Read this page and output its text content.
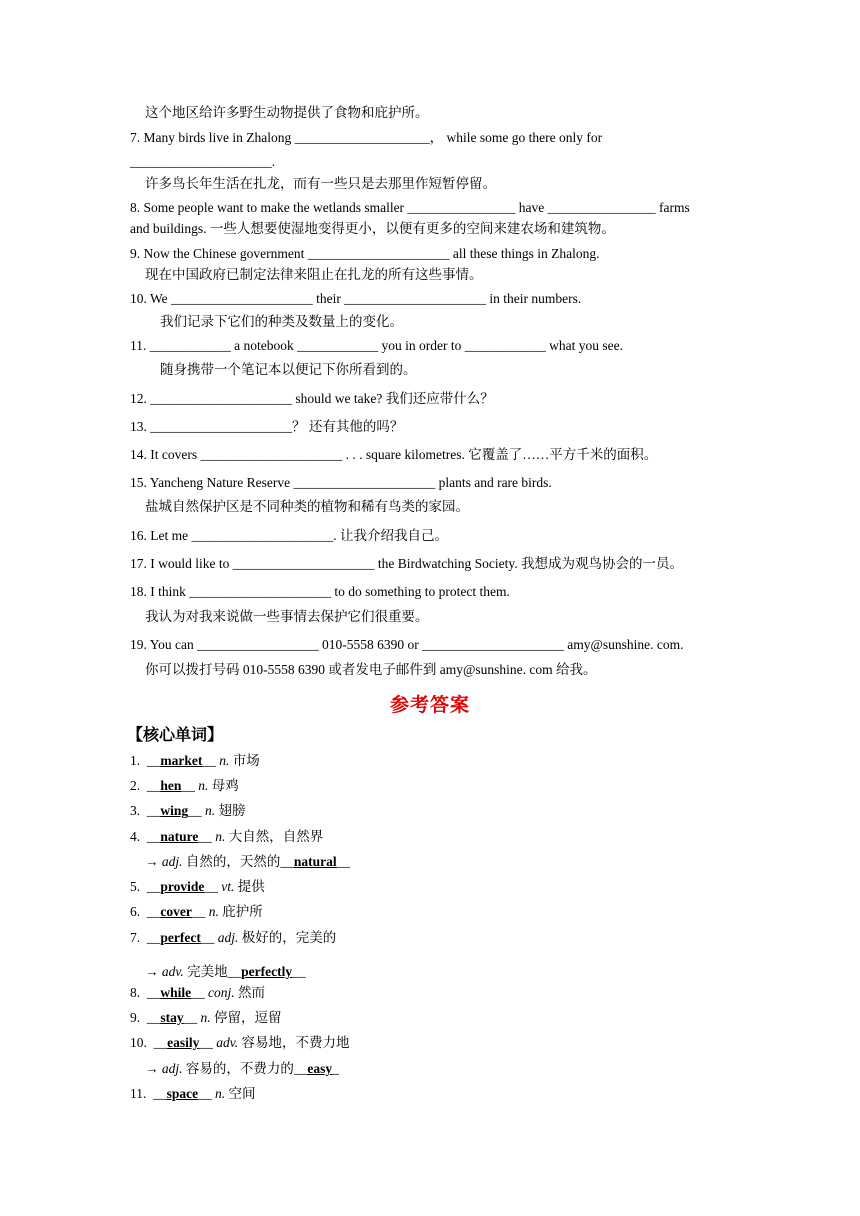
这个地区给许多野生动物提供了食物和庇护所。
7. Many birds live in Zhalong ____________________， while some go there only for
_____________________.
许多鸟长年生活在扎龙，而有一些只是去那里作短暂停留。
8. Some people want to make the wetlands smaller ________________ have ________________ farms
and buildings. 一些人想要使湿地变得更小，以便有更多的空间来建农场和建筑物。
9. Now the Chinese government _____________________ all these things in Zhalong.
现在中国政府已制定法律来阻止在扎龙的所有这些事情。
10. We _____________________ their _____________________ in their numbers.
我们记录下它们的种类及数量上的变化。
11. ____________ a notebook ____________ you in order to ____________ what you see.
随身携带一个笔记本以便记下你所看到的。
12. _____________________ should we take? 我们还应带什么？
13. _____________________？ 还有其他的吗？
14. It covers _____________________ . . . square kilometres. 它覆盖了……平方千米的面积。
15. Yancheng Nature Reserve _____________________ plants and rare birds.
盐城自然保护区是不同种类的植物和稀有鸟类的家园。
16. Let me _____________________. 让我介绍我自己。
17. I would like to _____________________ the Birdwatching Society. 我想成为观鸟协会的一员。
18. I think _____________________ to do something to protect them.
我认为对我来说做一些事情去保护它们很重要。
19. You can __________________ 010-5558 6390 or _____________________ amy@sunshine. com.
你可以拨打号码 010-5558 6390 或者发电子邮件到 amy@sunshine. com 给我。
参考答案
【核心单词】
1.  __market__ n. 市场
2.  __hen__ n. 母鸡
3.  __wing__ n. 翅膀
4.  __nature__ n. 大自然，自然界
→ adj. 自然的，天然的__natural__
5.  __provide__ vt. 提供
6.  __cover__ n. 庇护所
7.  __perfect__ adj. 极好的，完美的
→ adv. 完美地__perfectly__
8.  __while__ conj. 然而
9.  __stay__ n. 停留，逗留
10.  __easily__ adv. 容易地，不费力地
→ adj. 容易的，不费力的__easy_
11.  __space__ n. 空间
